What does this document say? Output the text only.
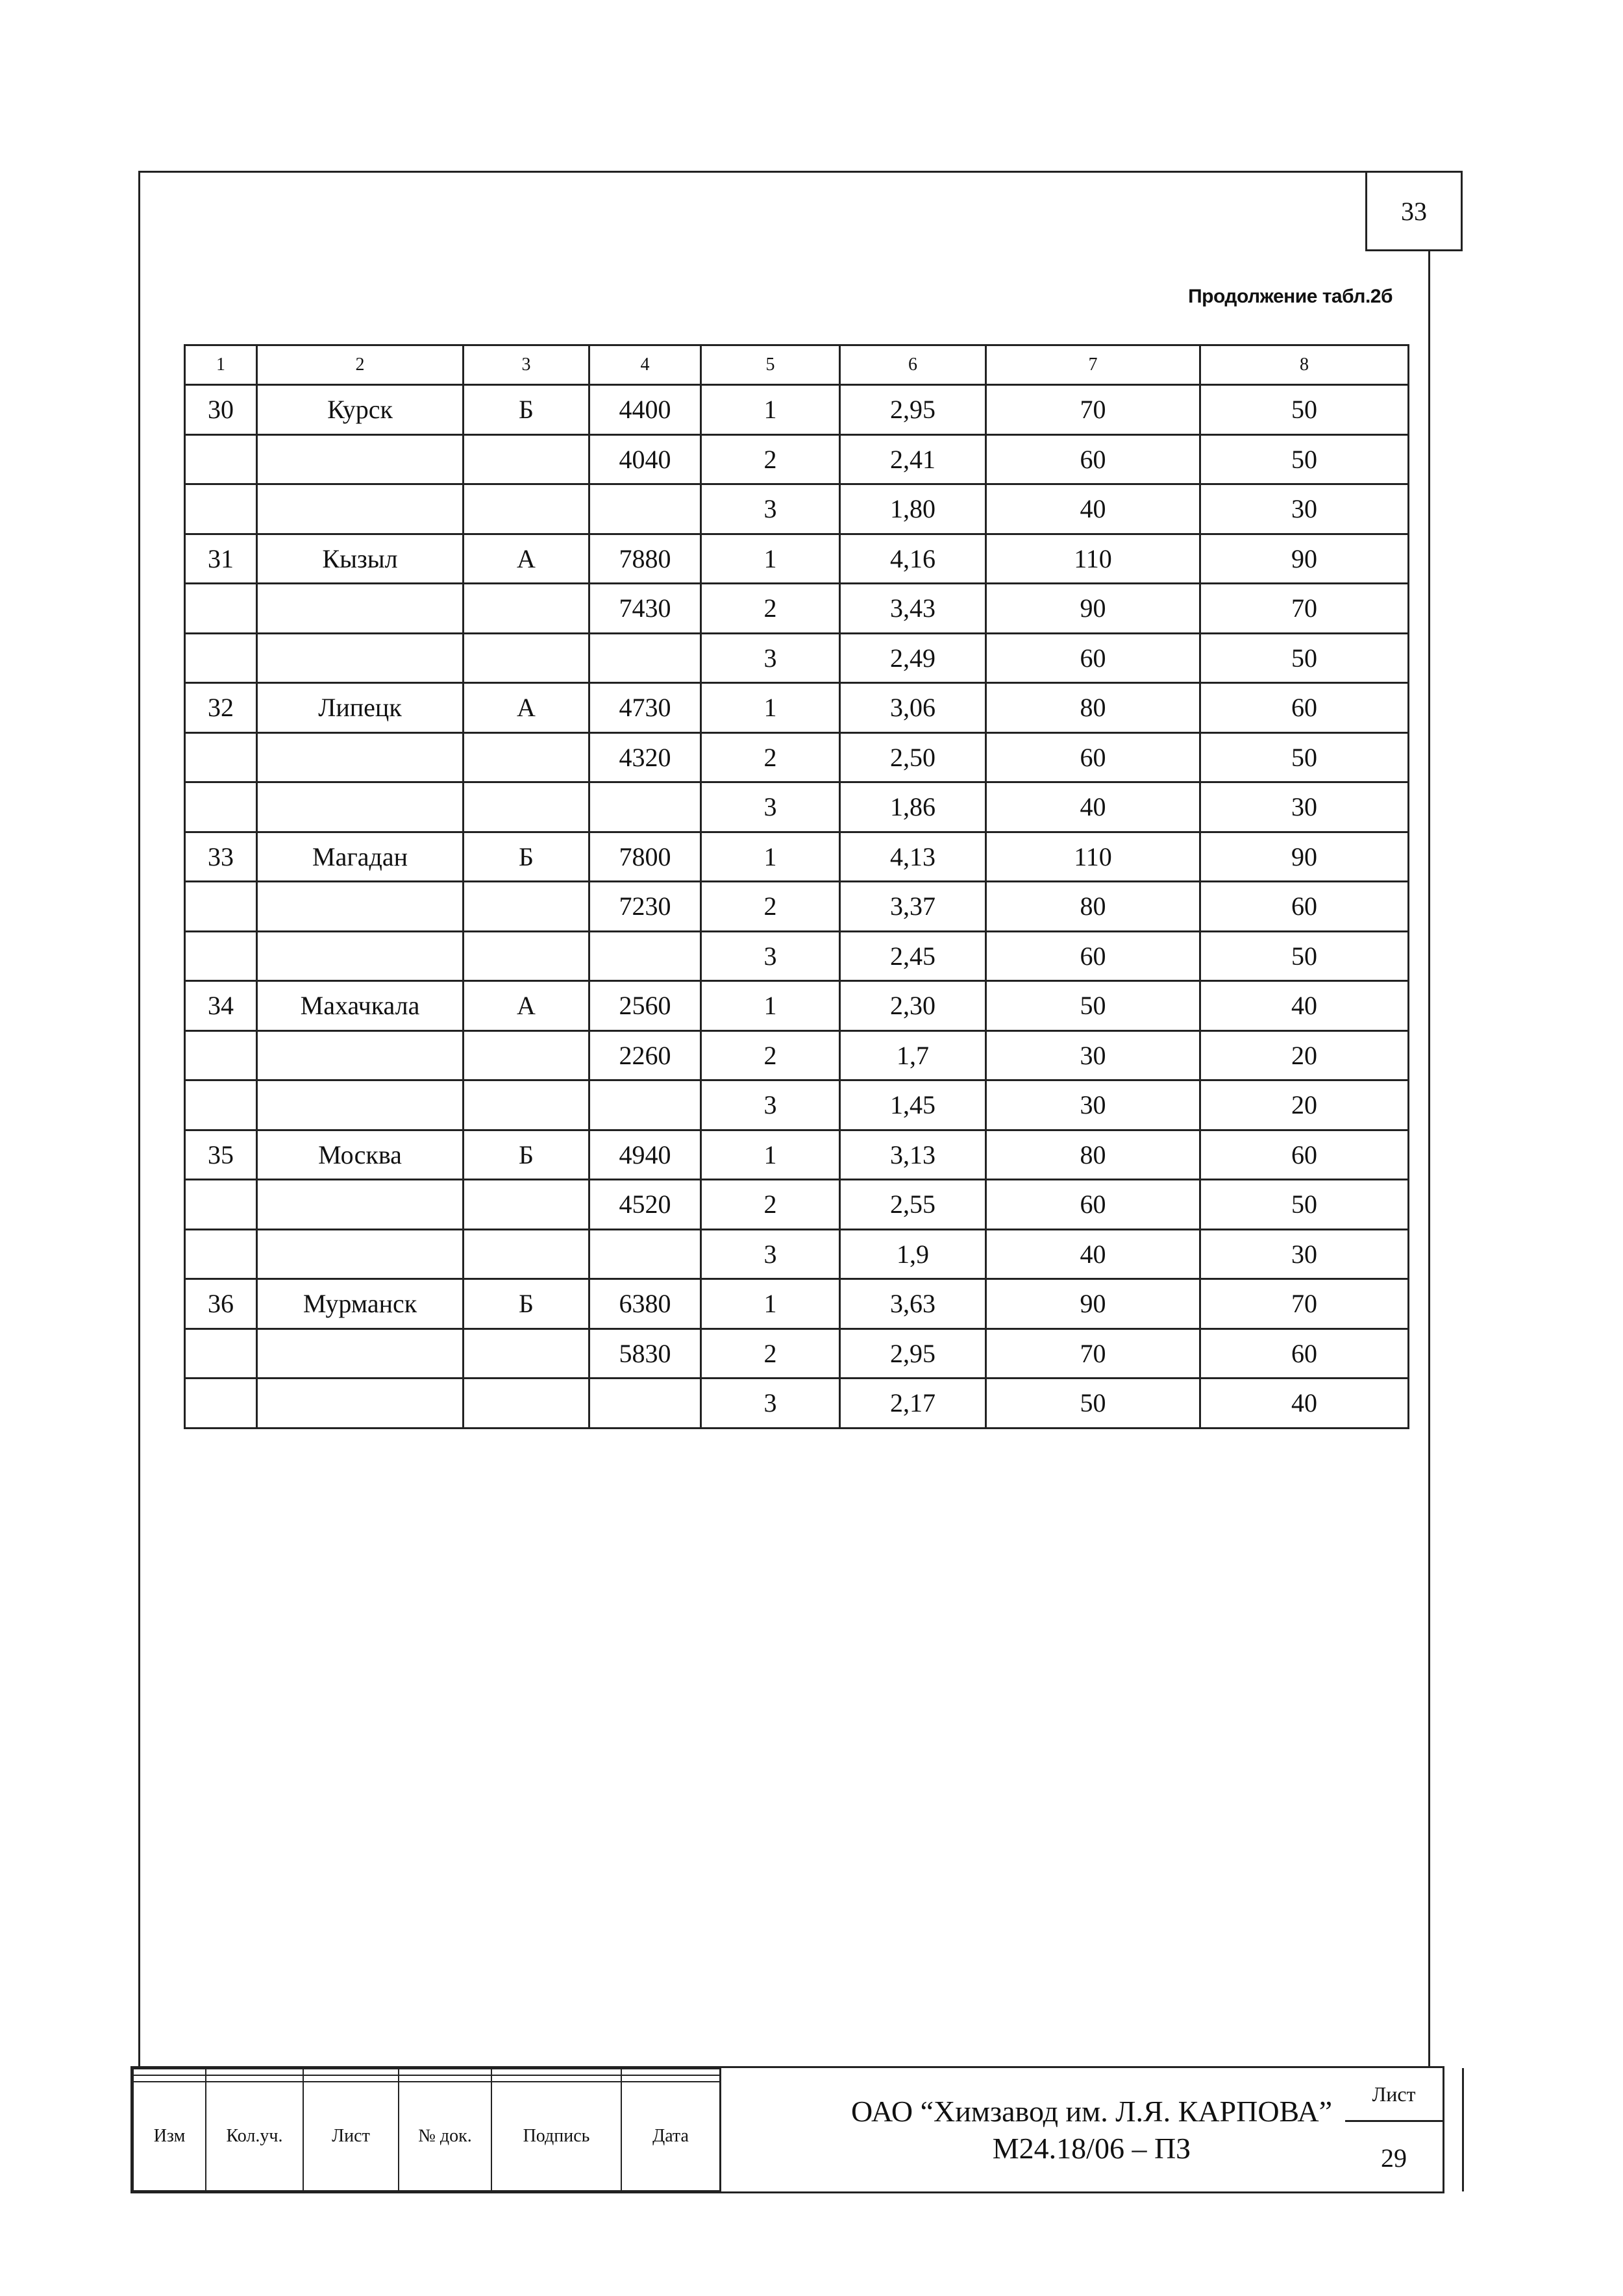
33
Продолжение табл.2б
1	2	3	4	5	6	7	8
30	Курск	Б	4400	1	2,95	70	50
			4040	2	2,41	60	50
				3	1,80	40	30
31	Кызыл	А	7880	1	4,16	110	90
			7430	2	3,43	90	70
				3	2,49	60	50
32	Липецк	А	4730	1	3,06	80	60
			4320	2	2,50	60	50
				3	1,86	40	30
33	Магадан	Б	7800	1	4,13	110	90
			7230	2	3,37	80	60
				3	2,45	60	50
34	Махачкала	А	2560	1	2,30	50	40
			2260	2	1,7	30	20
				3	1,45	30	20
35	Москва	Б	4940	1	3,13	80	60
			4520	2	2,55	60	50
				3	1,9	40	30
36	Мурманск	Б	6380	1	3,63	90	70
			5830	2	2,95	70	60
				3	2,17	50	40

Изм	Кол.уч.	Лист	№ док.	Подпись	Дата
ОАО “Химзавод им. Л.Я. КАРПОВА”
М24.18/06 – ПЗ
Лист
29
